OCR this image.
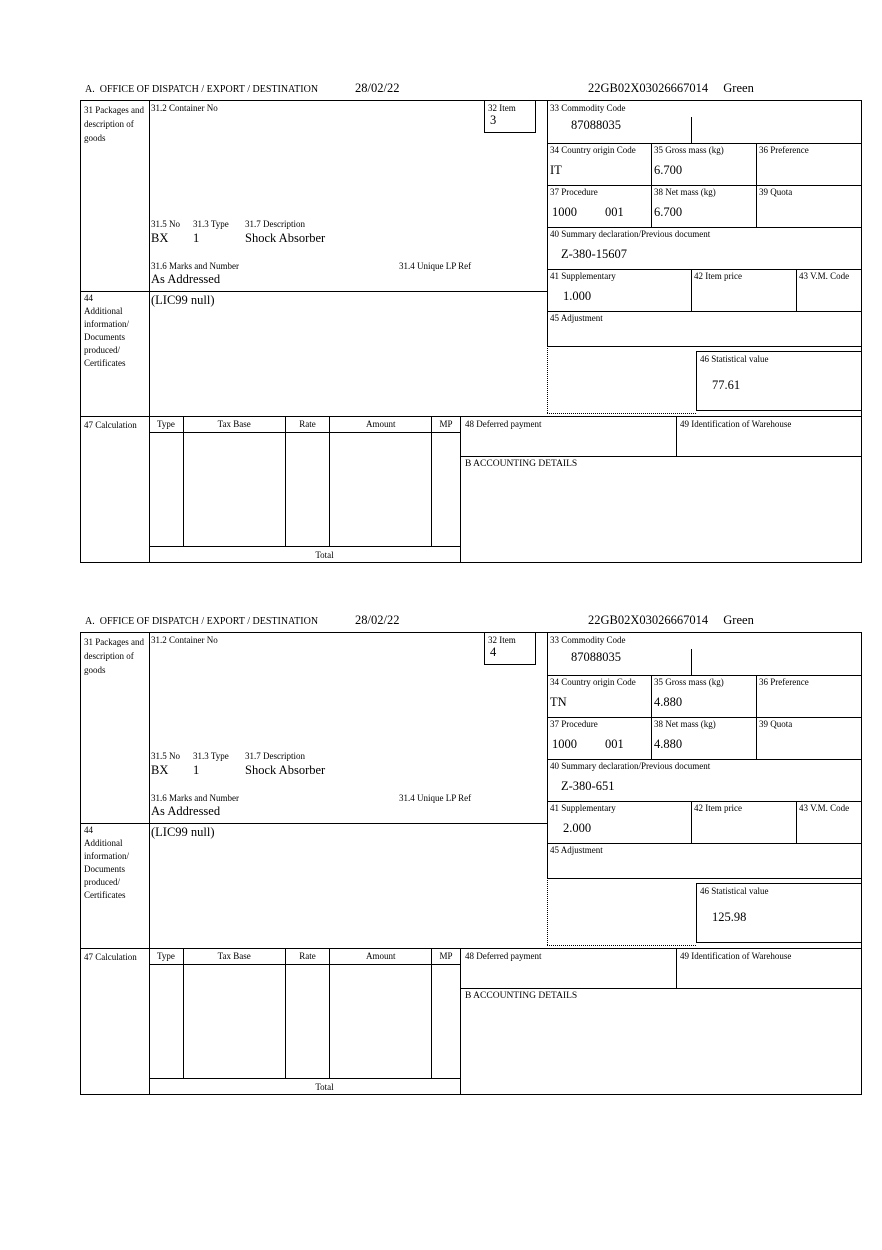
A.  OFFICE OF DISPATCH / EXPORT / DESTINATION	28/02/22	22GB02X03026667014 Green
31 Packages and description of goods
44
Additional information/ Documents produced/ Certificates
47 Calculation
31.2 Container No
31.5 No 31.3 Type 31.7 Description
BX 1	Shock Absorber
31.6 Marks and Number	31.4 Unique LP Ref
As Addressed
(LIC99 null)
32 Item
3
33 Commodity Code
87088035
34 Country origin Code
IT
35 Gross mass (kg)
6.700
36 Preference
37 Procedure
1000 001
38 Net mass (kg)
6.700
39 Quota
40 Summary declaration/Previous document
Z-380-15607
41 Supplementary
1.000
42 Item price	43 V.M. Code
45 Adjustment
46 Statistical value
77.61
Type	Tax Base	Rate	Amount	MP
Total
48 Deferred payment	49 Identification of Warehouse
B ACCOUNTING DETAILS
A.  OFFICE OF DISPATCH / EXPORT / DESTINATION	28/02/22	22GB02X03026667014 Green
31 Packages and description of goods
44
Additional information/ Documents produced/ Certificates
47 Calculation
31.2 Container No
31.5 No 31.3 Type 31.7 Description
BX 1	Shock Absorber
31.6 Marks and Number	31.4 Unique LP Ref
As Addressed
(LIC99 null)
32 Item
4
33 Commodity Code
87088035
34 Country origin Code
TN
35 Gross mass (kg)
4.880
36 Preference
37 Procedure
1000 001
38 Net mass (kg)
4.880
39 Quota
40 Summary declaration/Previous document
Z-380-651
41 Supplementary
2.000
42 Item price	43 V.M. Code
45 Adjustment
46 Statistical value
125.98
Type	Tax Base	Rate	Amount	MP
Total
48 Deferred payment	49 Identification of Warehouse
B ACCOUNTING DETAILS
